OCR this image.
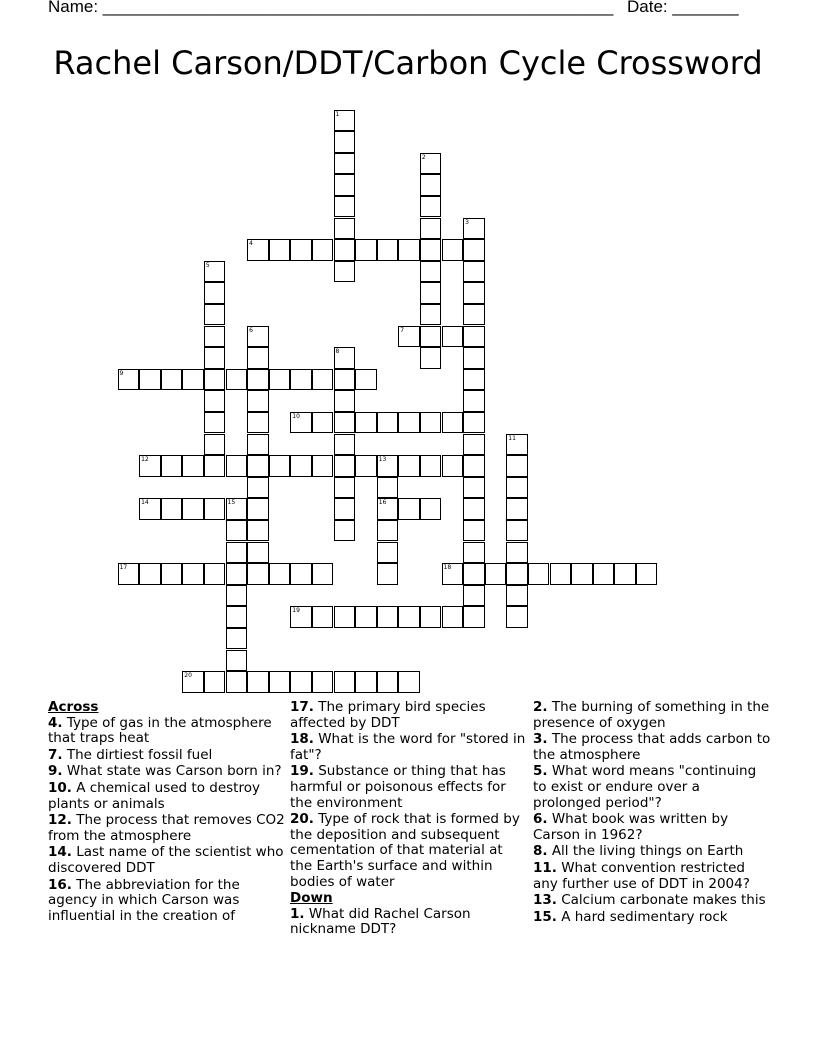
Name: ______________________________________________________ Date: _______
Rachel Carson/DDT/Carbon Cycle Crossword
1
2
3
4
5
6	7
8
9
10
11
12	13
16
14	15
17	18
19
20
Across
4. Type of gas in the atmosphere that traps heat
7. The dirtiest fossil fuel
9. What state was Carson born in?
10. A chemical used to destroy plants or animals
12. The process that removes CO2 from the atmosphere
14. Last name of the scientist who discovered DDT
16. The abbreviation for the agency in which Carson was influential in the creation of
17. The primary bird species affected by DDT
18. What is the word for "stored in fat"?
19. Substance or thing that has harmful or poisonous effects for the environment
20. Type of rock that is formed by the deposition and subsequent cementation of that material at the Earth's surface and within bodies of water
Down
1. What did Rachel Carson nickname DDT?
2. The burning of something in the presence of oxygen
3. The process that adds carbon to the atmosphere
5. What word means "continuing to exist or endure over a prolonged period"?
6. What book was written by Carson in 1962?
8. All the living things on Earth
11. What convention restricted any further use of DDT in 2004?
13. Calcium carbonate makes this
15. A hard sedimentary rock
